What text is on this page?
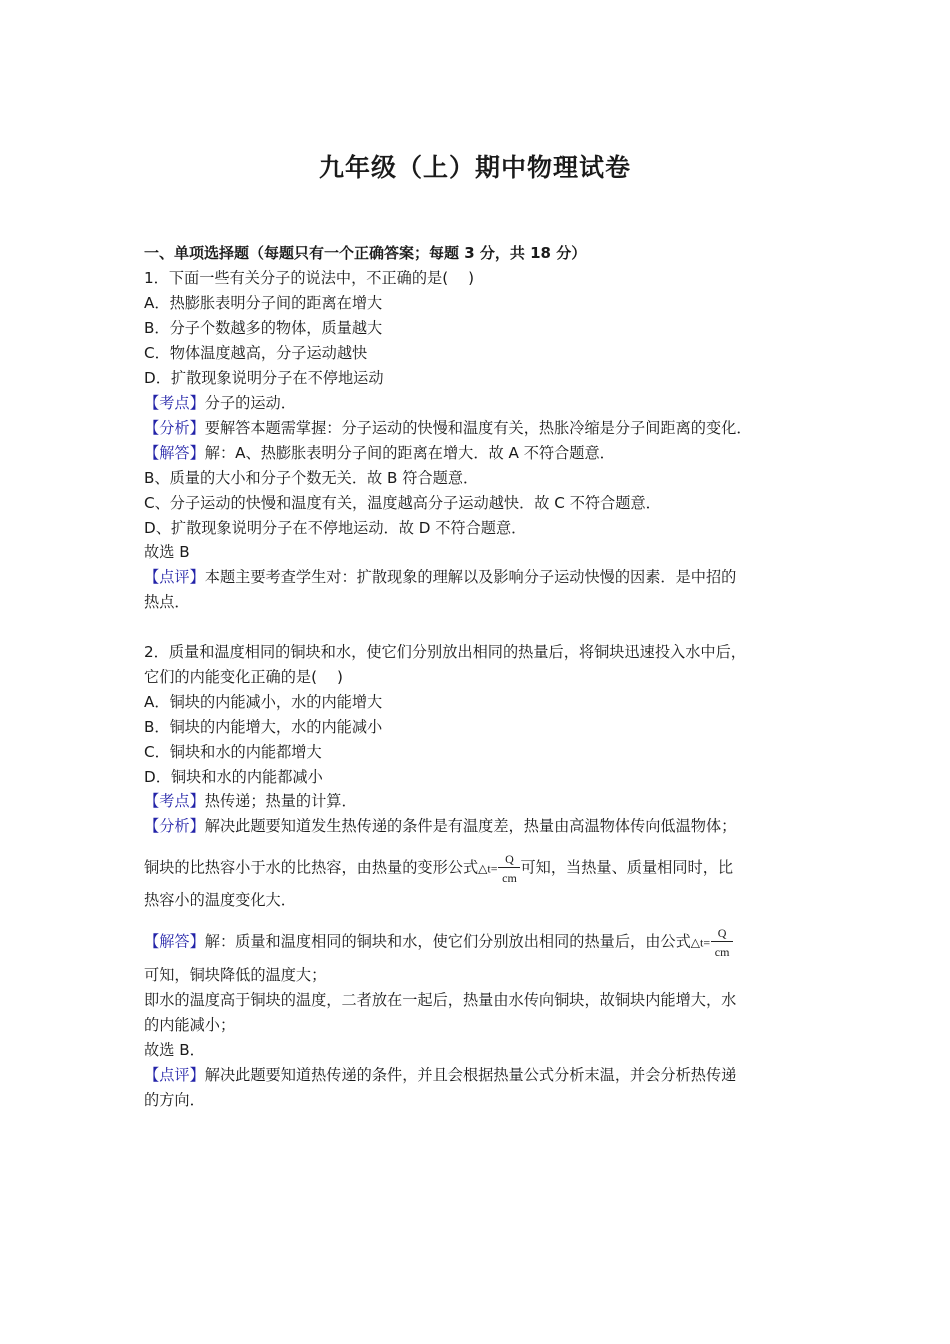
九年级（上）期中物理试卷
一、单项选择题（每题只有一个正确答案；每题 3 分，共 18 分）
1．下面一些有关分子的说法中，不正确的是(　 )
A．热膨胀表明分子间的距离在增大
B．分子个数越多的物体，质量越大
C．物体温度越高，分子运动越快
D．扩散现象说明分子在不停地运动
【考点】分子的运动．
【分析】要解答本题需掌握：分子运动的快慢和温度有关，热胀冷缩是分子间距离的变化．
【解答】解：A、热膨胀表明分子间的距离在增大．故 A 不符合题意．
B、质量的大小和分子个数无关．故 B 符合题意．
C、分子运动的快慢和温度有关，温度越高分子运动越快．故 C 不符合题意．
D、扩散现象说明分子在不停地运动．故 D 不符合题意．
故选 B
【点评】本题主要考查学生对：扩散现象的理解以及影响分子运动快慢的因素．是中招的
热点．
2．质量和温度相同的铜块和水，使它们分别放出相同的热量后，将铜块迅速投入水中后，
它们的内能变化正确的是(　 )
A．铜块的内能减小，水的内能增大
B．铜块的内能增大，水的内能减小
C．铜块和水的内能都增大
D．铜块和水的内能都减小
【考点】热传递；热量的计算．
【分析】解决此题要知道发生热传递的条件是有温度差，热量由高温物体传向低温物体；
铜块的比热容小于水的比热容，由热量的变形公式△t= $\frac{Q}{cm}$ 可知，当热量、质量相同时，比
热容小的温度变化大．
【解答】解：质量和温度相同的铜块和水，使它们分别放出相同的热量后，由公式△t= $\frac{Q}{cm}$
可知，铜块降低的温度大；
即水的温度高于铜块的温度，二者放在一起后，热量由水传向铜块，故铜块内能增大，水
的内能减小；
故选 B．
【点评】解决此题要知道热传递的条件，并且会根据热量公式分析末温，并会分析热传递
的方向．
